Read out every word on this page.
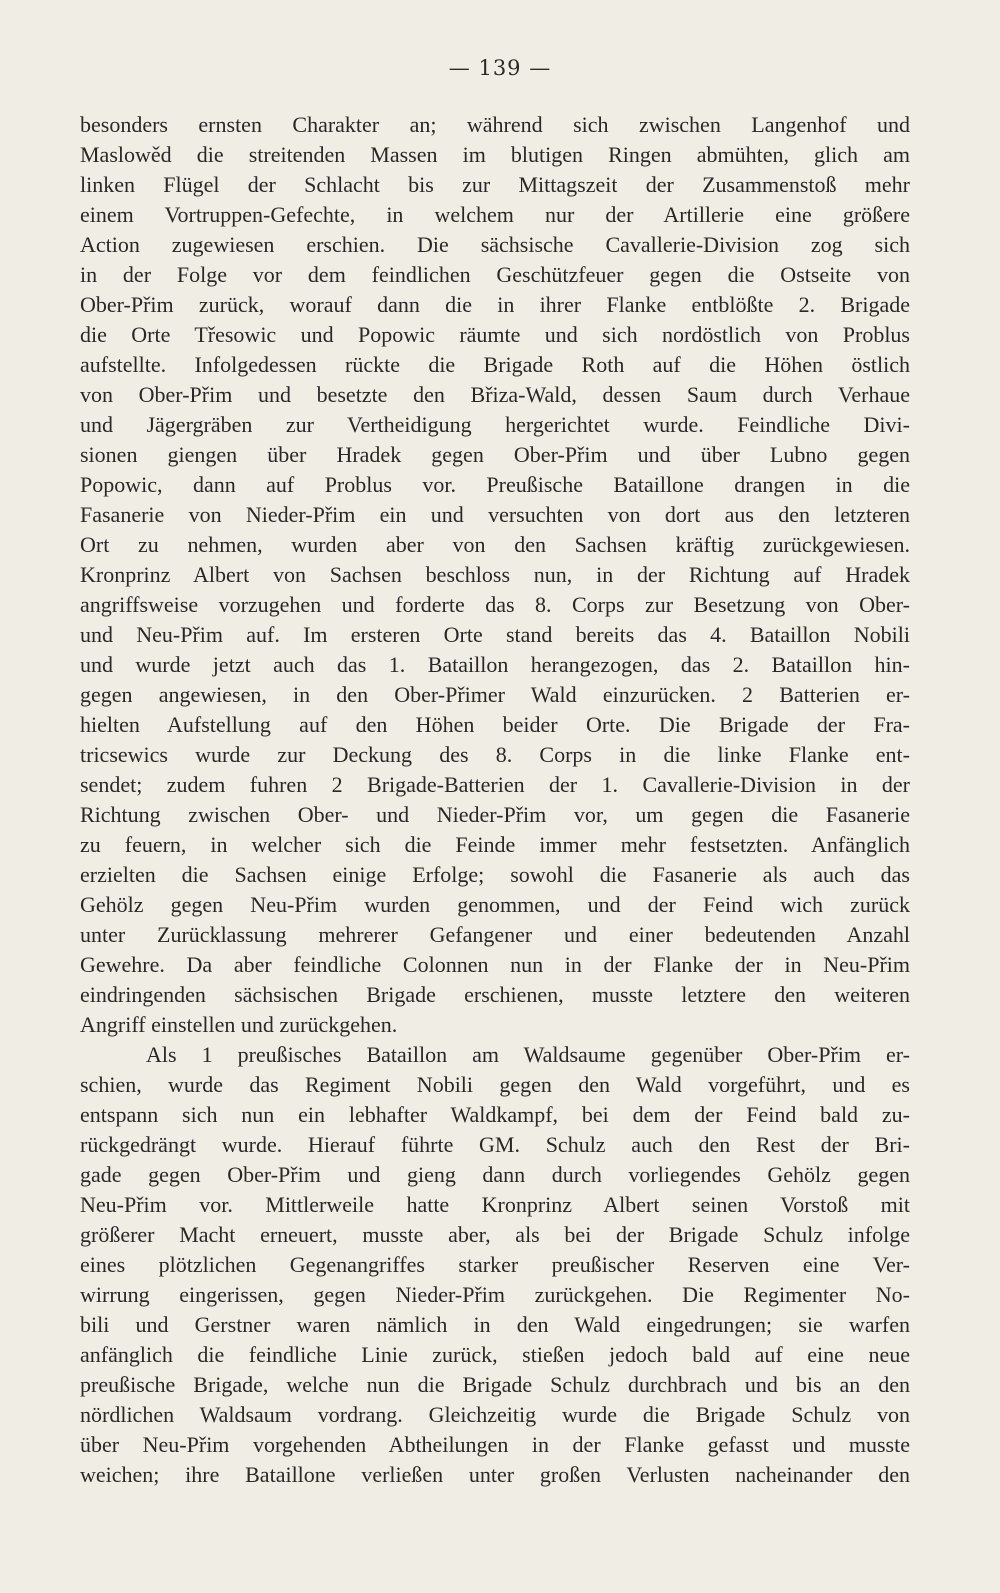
— 139 —
besonders ernsten Charakter an; während sich zwischen Langenhof und
Maslowěd die streitenden Massen im blutigen Ringen abmühten, glich am
linken Flügel der Schlacht bis zur Mittagszeit der Zusammenstoß mehr
einem Vortruppen-Gefechte, in welchem nur der Artillerie eine größere
Action zugewiesen erschien. Die sächsische Cavallerie-Division zog sich
in der Folge vor dem feindlichen Geschützfeuer gegen die Ostseite von
Ober-Přim zurück, worauf dann die in ihrer Flanke entblößte 2. Brigade
die Orte Třesowic und Popowic räumte und sich nordöstlich von Problus
aufstellte. Infolgedessen rückte die Brigade Roth auf die Höhen östlich
von Ober-Přim und besetzte den Břiza-Wald, dessen Saum durch Verhaue
und Jägergräben zur Vertheidigung hergerichtet wurde. Feindliche Divi-
sionen giengen über Hradek gegen Ober-Přim und über Lubno gegen
Popowic, dann auf Problus vor. Preußische Bataillone drangen in die
Fasanerie von Nieder-Přim ein und versuchten von dort aus den letzteren
Ort zu nehmen, wurden aber von den Sachsen kräftig zurückgewiesen.
Kronprinz Albert von Sachsen beschloss nun, in der Richtung auf Hradek
angriffsweise vorzugehen und forderte das 8. Corps zur Besetzung von Ober-
und Neu-Přim auf. Im ersteren Orte stand bereits das 4. Bataillon Nobili
und wurde jetzt auch das 1. Bataillon herangezogen, das 2. Bataillon hin-
gegen angewiesen, in den Ober-Přimer Wald einzurücken. 2 Batterien er-
hielten Aufstellung auf den Höhen beider Orte. Die Brigade der Fra-
tricsewics wurde zur Deckung des 8. Corps in die linke Flanke ent-
sendet; zudem fuhren 2 Brigade-Batterien der 1. Cavallerie-Division in der
Richtung zwischen Ober- und Nieder-Přim vor, um gegen die Fasanerie
zu feuern, in welcher sich die Feinde immer mehr festsetzten. Anfänglich
erzielten die Sachsen einige Erfolge; sowohl die Fasanerie als auch das
Gehölz gegen Neu-Přim wurden genommen, und der Feind wich zurück
unter Zurücklassung mehrerer Gefangener und einer bedeutenden Anzahl
Gewehre. Da aber feindliche Colonnen nun in der Flanke der in Neu-Přim
eindringenden sächsischen Brigade erschienen, musste letztere den weiteren
Angriff einstellen und zurückgehen.
Als 1 preußisches Bataillon am Waldsaume gegenüber Ober-Přim er-
schien, wurde das Regiment Nobili gegen den Wald vorgeführt, und es
entspann sich nun ein lebhafter Waldkampf, bei dem der Feind bald zu-
rückgedrängt wurde. Hierauf führte GM. Schulz auch den Rest der Bri-
gade gegen Ober-Přim und gieng dann durch vorliegendes Gehölz gegen
Neu-Přim vor. Mittlerweile hatte Kronprinz Albert seinen Vorstoß mit
größerer Macht erneuert, musste aber, als bei der Brigade Schulz infolge
eines plötzlichen Gegenangriffes starker preußischer Reserven eine Ver-
wirrung eingerissen, gegen Nieder-Přim zurückgehen. Die Regimenter No-
bili und Gerstner waren nämlich in den Wald eingedrungen; sie warfen
anfänglich die feindliche Linie zurück, stießen jedoch bald auf eine neue
preußische Brigade, welche nun die Brigade Schulz durchbrach und bis an den
nördlichen Waldsaum vordrang. Gleichzeitig wurde die Brigade Schulz von
über Neu-Přim vorgehenden Abtheilungen in der Flanke gefasst und musste
weichen; ihre Bataillone verließen unter großen Verlusten nacheinander den
